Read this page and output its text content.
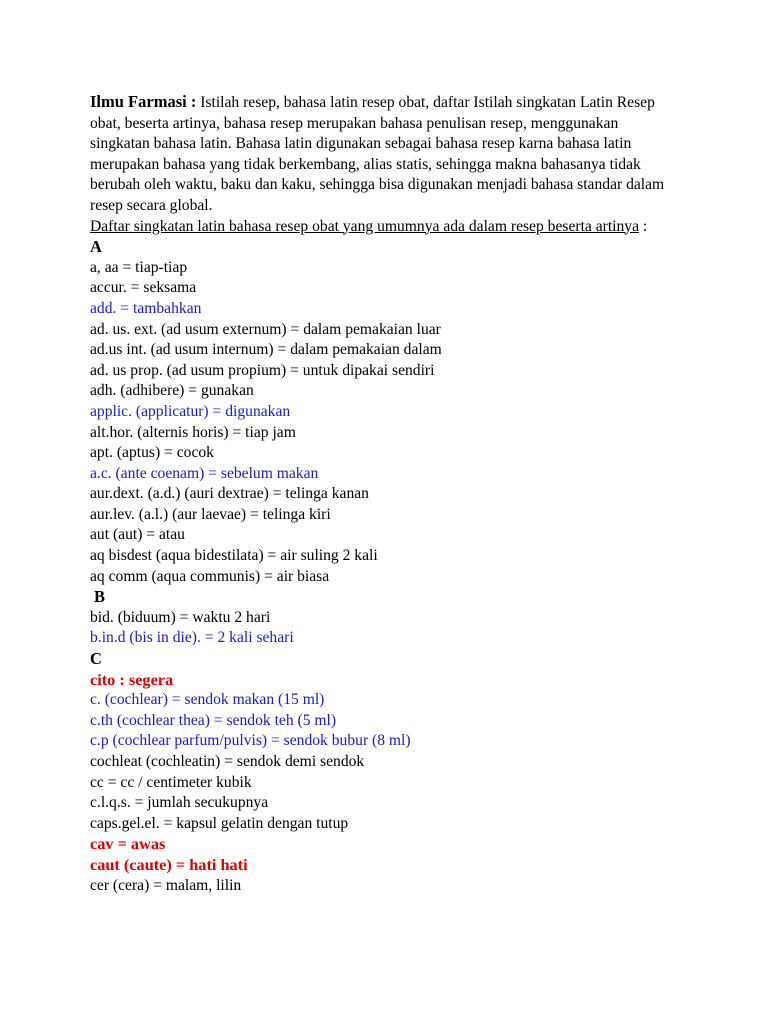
Ilmu Farmasi : Istilah resep, bahasa latin resep obat, daftar Istilah singkatan Latin Resep obat, beserta artinya, bahasa resep merupakan bahasa penulisan resep, menggunakan singkatan bahasa latin. Bahasa latin digunakan sebagai bahasa resep karna bahasa latin merupakan bahasa yang tidak berkembang, alias statis, sehingga makna bahasanya tidak berubah oleh waktu, baku dan kaku, sehingga bisa digunakan menjadi bahasa standar dalam resep secara global.

Daftar singkatan latin bahasa resep obat yang umumnya ada dalam resep beserta artinya :
A
a, aa = tiap-tiap
accur. = seksama
add. = tambahkan
ad. us. ext. (ad usum externum) = dalam pemakaian luar
ad.us int. (ad usum internum) = dalam pemakaian dalam
ad. us prop. (ad usum propium) = untuk dipakai sendiri
adh. (adhibere) = gunakan
applic. (applicatur) = digunakan
alt.hor. (alternis horis) = tiap jam
apt. (aptus) = cocok
a.c. (ante coenam) = sebelum makan
aur.dext. (a.d.) (auri dextrae) = telinga kanan
aur.lev. (a.l.) (aur laevae) = telinga kiri
aut (aut) = atau
aq bisdest (aqua bidestilata) = air suling 2 kali
aq comm (aqua communis) = air biasa
B
bid. (biduum) = waktu 2 hari
b.in.d (bis in die). = 2 kali sehari
C
cito : segera
c. (cochlear) = sendok makan (15 ml)
c.th (cochlear thea) = sendok teh (5 ml)
c.p (cochlear parfum/pulvis) = sendok bubur (8 ml)
cochleat (cochleatin) = sendok demi sendok
cc = cc / centimeter kubik
c.l.q.s. = jumlah secukupnya
caps.gel.el. = kapsul gelatin dengan tutup
cav = awas
caut (caute) = hati hati
cer (cera) = malam, lilin
